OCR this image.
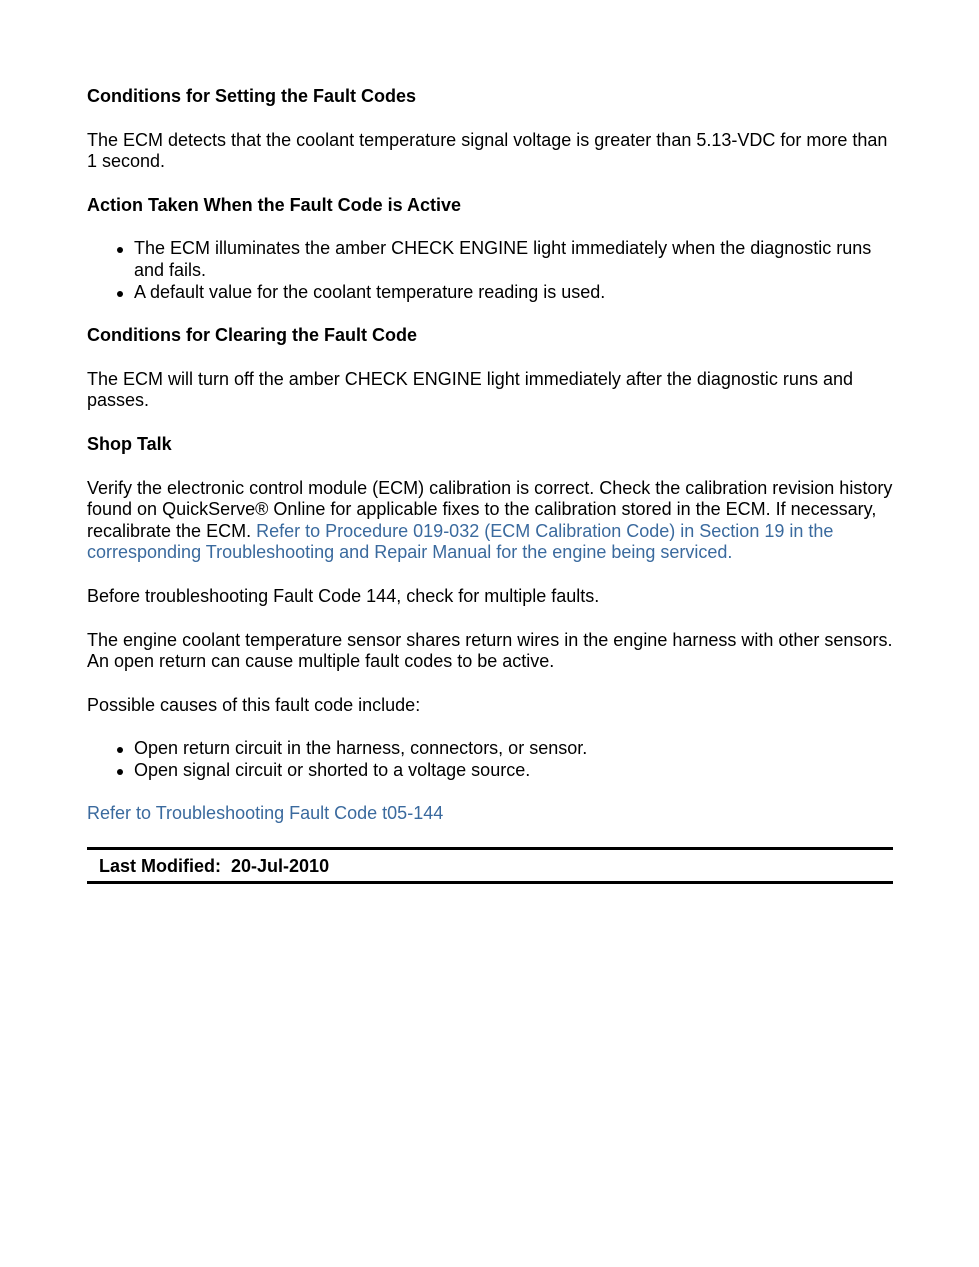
Conditions for Setting the Fault Codes

The ECM detects that the coolant temperature signal voltage is greater than 5.13-VDC for more than 1 second.

Action Taken When the Fault Code is Active
The ECM illuminates the amber CHECK ENGINE light immediately when the diagnostic runs and fails.
A default value for the coolant temperature reading is used.
Conditions for Clearing the Fault Code

The ECM will turn off the amber CHECK ENGINE light immediately after the diagnostic runs and passes.

Shop Talk

Verify the electronic control module (ECM) calibration is correct. Check the calibration revision history found on QuickServe® Online for applicable fixes to the calibration stored in the ECM. If necessary, recalibrate the ECM. Refer to Procedure 019-032 (ECM Calibration Code) in Section 19 in the corresponding Troubleshooting and Repair Manual for the engine being serviced.

Before troubleshooting Fault Code 144, check for multiple faults.

The engine coolant temperature sensor shares return wires in the engine harness with other sensors. An open return can cause multiple fault codes to be active.

Possible causes of this fault code include:

Open return circuit in the harness, connectors, or sensor.
Open signal circuit or shorted to a voltage source.

Refer to Troubleshooting Fault Code t05-144

Last Modified: 20-Jul-2010
